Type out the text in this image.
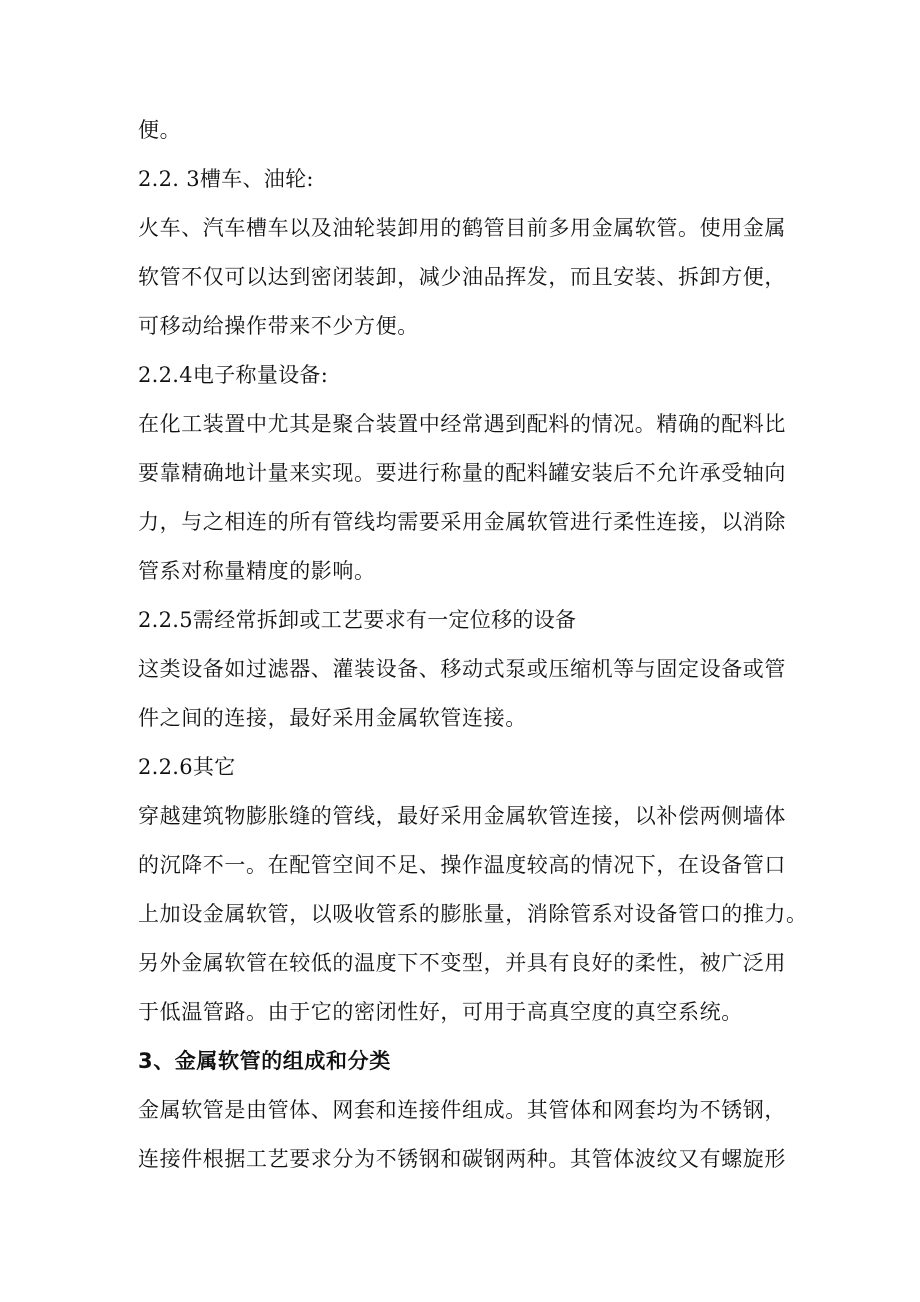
便。
2.2. 3槽车、油轮:
火车、汽车槽车以及油轮装卸用的鹤管目前多用金属软管。使用金属
软管不仅可以达到密闭装卸，减少油品挥发，而且安装、拆卸方便，
可移动给操作带来不少方便。
2.2.4电子称量设备:
在化工装置中尤其是聚合装置中经常遇到配料的情况。精确的配料比
要靠精确地计量来实现。要进行称量的配料罐安装后不允许承受轴向
力，与之相连的所有管线均需要采用金属软管进行柔性连接，以消除
管系对称量精度的影响。
2.2.5需经常拆卸或工艺要求有一定位移的设备
这类设备如过滤器、灌装设备、移动式泵或压缩机等与固定设备或管
件之间的连接，最好采用金属软管连接。
2.2.6其它
穿越建筑物膨胀缝的管线，最好采用金属软管连接，以补偿两侧墙体
的沉降不一。在配管空间不足、操作温度较高的情况下，在设备管口
上加设金属软管，以吸收管系的膨胀量，消除管系对设备管口的推力。
另外金属软管在较低的温度下不变型，并具有良好的柔性，被广泛用
于低温管路。由于它的密闭性好，可用于高真空度的真空系统。
3、金属软管的组成和分类
金属软管是由管体、网套和连接件组成。其管体和网套均为不锈钢，
连接件根据工艺要求分为不锈钢和碳钢两种。其管体波纹又有螺旋形
